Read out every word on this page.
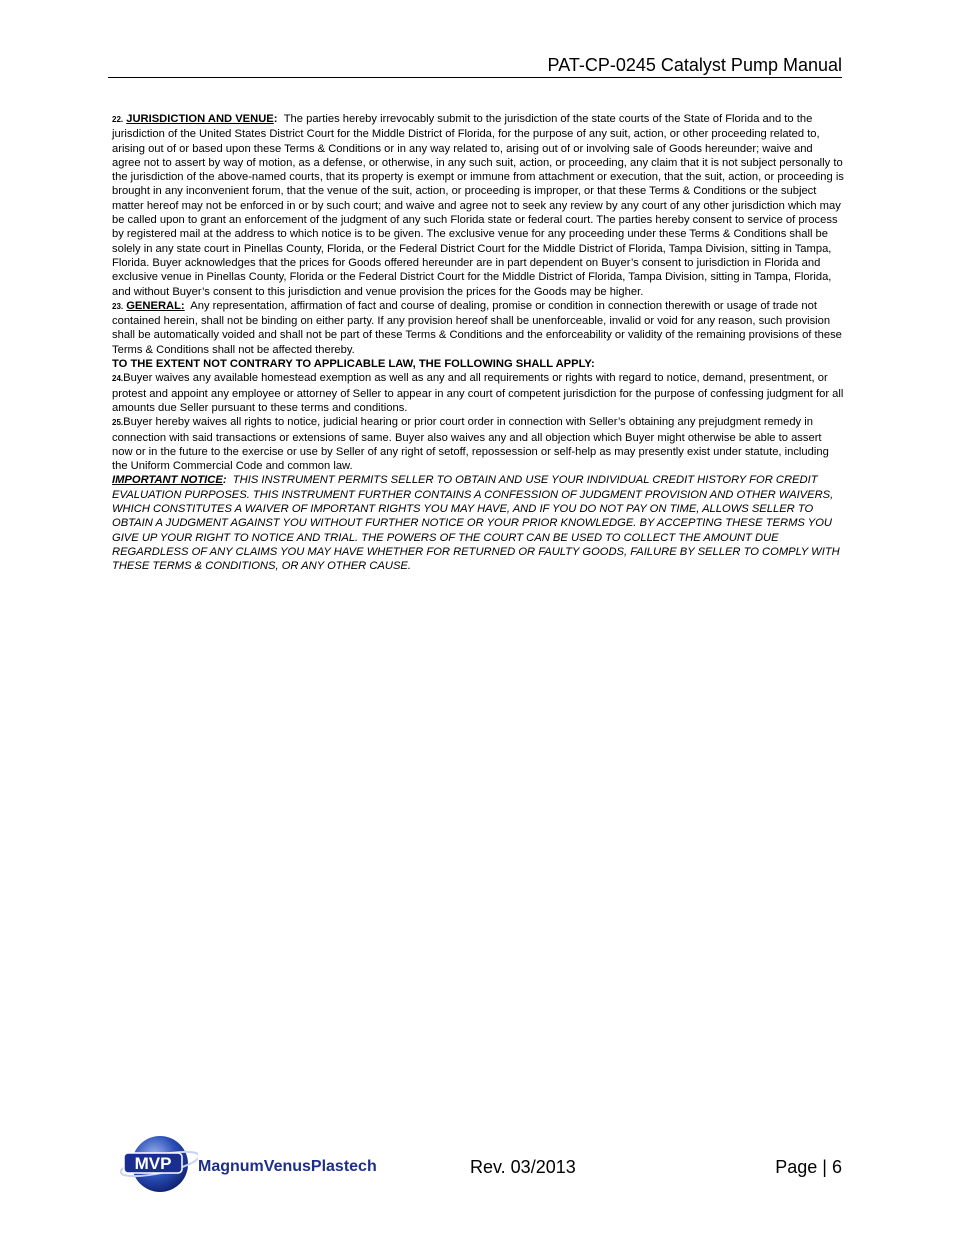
PAT-CP-0245 Catalyst Pump Manual

22. JURISDICTION AND VENUE:  The parties hereby irrevocably submit to the jurisdiction of the state courts of the State of Florida and to the jurisdiction of the United States District Court for the Middle District of Florida, for the purpose of any suit, action, or other proceeding related to, arising out of or based upon these Terms & Conditions or in any way related to, arising out of or involving sale of Goods hereunder; waive and agree not to assert by way of motion, as a defense, or otherwise, in any such suit, action, or proceeding, any claim that it is not subject personally to the jurisdiction of the above-named courts, that its property is exempt or immune from attachment or execution, that the suit, action, or proceeding is brought in any inconvenient forum, that the venue of the suit, action, or proceeding is improper, or that these Terms & Conditions or the subject matter hereof may not be enforced in or by such court; and waive and agree not to seek any review by any court of any other jurisdiction which may be called upon to grant an enforcement of the judgment of any such Florida state or federal court. The parties hereby consent to service of process by registered mail at the address to which notice is to be given. The exclusive venue for any proceeding under these Terms & Conditions shall be solely in any state court in Pinellas County, Florida, or the Federal District Court for the Middle District of Florida, Tampa Division, sitting in Tampa, Florida. Buyer acknowledges that the prices for Goods offered hereunder are in part dependent on Buyer’s consent to jurisdiction in Florida and exclusive venue in Pinellas County, Florida or the Federal District Court for the Middle District of Florida, Tampa Division, sitting in Tampa, Florida, and without Buyer’s consent to this jurisdiction and venue provision the prices for the Goods may be higher.

23. GENERAL:  Any representation, affirmation of fact and course of dealing, promise or condition in connection therewith or usage of trade not contained herein, shall not be binding on either party. If any provision hereof shall be unenforceable, invalid or void for any reason, such provision shall be automatically voided and shall not be part of these Terms & Conditions and the enforceability or validity of the remaining provisions of these Terms & Conditions shall not be affected thereby.

TO THE EXTENT NOT CONTRARY TO APPLICABLE LAW, THE FOLLOWING SHALL APPLY:

24.Buyer waives any available homestead exemption as well as any and all requirements or rights with regard to notice, demand, presentment, or protest and appoint any employee or attorney of Seller to appear in any court of competent jurisdiction for the purpose of confessing judgment for all amounts due Seller pursuant to these terms and conditions.

25.Buyer hereby waives all rights to notice, judicial hearing or prior court order in connection with Seller’s obtaining any prejudgment remedy in connection with said transactions or extensions of same. Buyer also waives any and all objection which Buyer might otherwise be able to assert now or in the future to the exercise or use by Seller of any right of setoff, repossession or self-help as may presently exist under statute, including the Uniform Commercial Code and common law.

IMPORTANT NOTICE:  THIS INSTRUMENT PERMITS SELLER TO OBTAIN AND USE YOUR INDIVIDUAL CREDIT HISTORY FOR CREDIT EVALUATION PURPOSES. THIS INSTRUMENT FURTHER CONTAINS A CONFESSION OF JUDGMENT PROVISION AND OTHER WAIVERS, WHICH CONSTITUTES A WAIVER OF IMPORTANT RIGHTS YOU MAY HAVE, AND IF YOU DO NOT PAY ON TIME, ALLOWS SELLER TO OBTAIN A JUDGMENT AGAINST YOU WITHOUT FURTHER NOTICE OR YOUR PRIOR KNOWLEDGE. BY ACCEPTING THESE TERMS YOU GIVE UP YOUR RIGHT TO NOTICE AND TRIAL. THE POWERS OF THE COURT CAN BE USED TO COLLECT THE AMOUNT DUE REGARDLESS OF ANY CLAIMS YOU MAY HAVE WHETHER FOR RETURNED OR FAULTY GOODS, FAILURE BY SELLER TO COMPLY WITH THESE TERMS & CONDITIONS, OR ANY OTHER CAUSE.

MVP MagnumVenusPlastech	Rev. 03/2013	Page | 6
